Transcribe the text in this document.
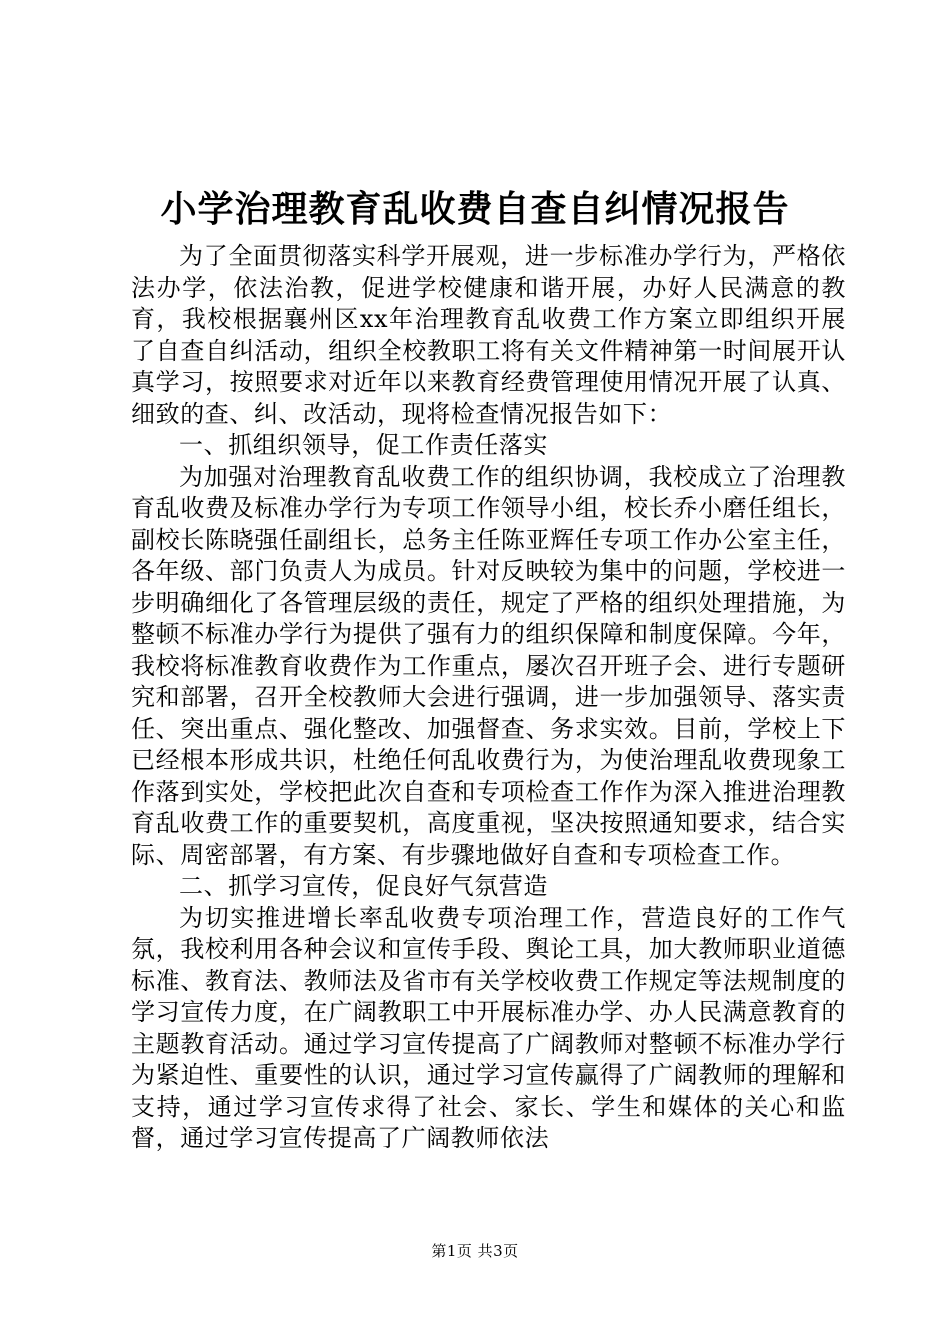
小学治理教育乱收费自查自纠情况报告

为了全面贯彻落实科学开展观，进一步标准办学行为，严格依法办学，依法治教，促进学校健康和谐开展，办好人民满意的教育，我校根据襄州区xx年治理教育乱收费工作方案立即组织开展了自查自纠活动，组织全校教职工将有关文件精神第一时间展开认真学习，按照要求对近年以来教育经费管理使用情况开展了认真、细致的查、纠、改活动，现将检查情况报告如下：

一、抓组织领导，促工作责任落实

为加强对治理教育乱收费工作的组织协调，我校成立了治理教育乱收费及标准办学行为专项工作领导小组，校长乔小磨任组长，副校长陈晓强任副组长，总务主任陈亚辉任专项工作办公室主任，各年级、部门负责人为成员。针对反映较为集中的问题，学校进一步明确细化了各管理层级的责任，规定了严格的组织处理措施，为整顿不标准办学行为提供了强有力的组织保障和制度保障。今年，我校将标准教育收费作为工作重点，屡次召开班子会、进行专题研究和部署，召开全校教师大会进行强调，进一步加强领导、落实责任、突出重点、强化整改、加强督查、务求实效。目前，学校上下已经根本形成共识，杜绝任何乱收费行为，为使治理乱收费现象工作落到实处，学校把此次自查和专项检查工作作为深入推进治理教育乱收费工作的重要契机，高度重视，坚决按照通知要求，结合实际、周密部署，有方案、有步骤地做好自查和专项检查工作。

二、抓学习宣传，促良好气氛营造

为切实推进增长率乱收费专项治理工作，营造良好的工作气氛，我校利用各种会议和宣传手段、舆论工具，加大教师职业道德标准、教育法、教师法及省市有关学校收费工作规定等法规制度的学习宣传力度，在广阔教职工中开展标准办学、办人民满意教育的主题教育活动。通过学习宣传提高了广阔教师对整顿不标准办学行为紧迫性、重要性的认识，通过学习宣传赢得了广阔教师的理解和支持，通过学习宣传求得了社会、家长、学生和媒体的关心和监督，通过学习宣传提高了广阔教师依法

第1页 共3页
